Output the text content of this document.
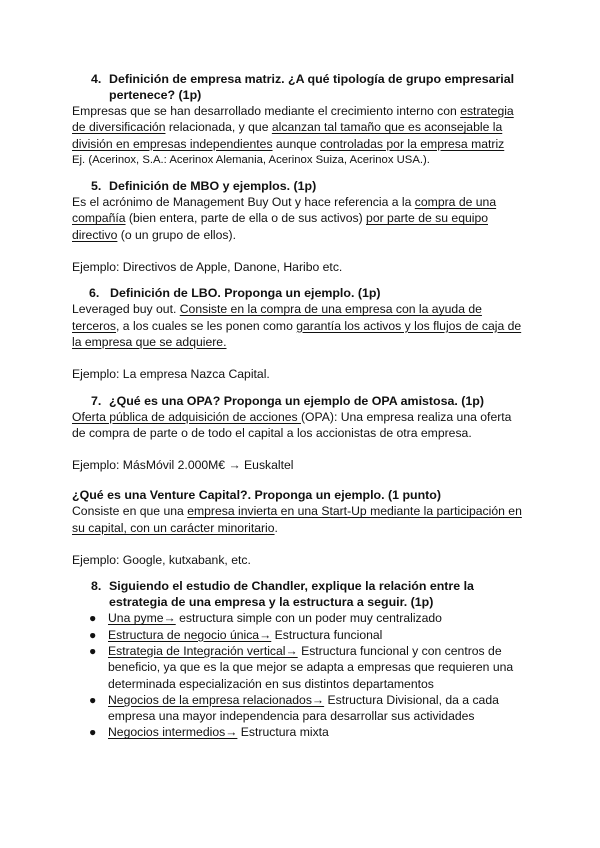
4. Definición de empresa matriz. ¿A qué tipología de grupo empresarial pertenece? (1p)

Empresas que se han desarrollado mediante el crecimiento interno con estrategia de diversificación relacionada, y que alcanzan tal tamaño que es aconsejable la división en empresas independientes aunque controladas por la empresa matriz

Ej. (Acerinox, S.A.: Acerinox Alemania, Acerinox Suiza, Acerinox USA.).

5. Definición de MBO y ejemplos. (1p)

Es el acrónimo de Management Buy Out y hace referencia a la compra de una compañía (bien entera, parte de ella o de sus activos) por parte de su equipo directivo (o un grupo de ellos).

Ejemplo: Directivos de Apple, Danone, Haribo etc.

6. Definición de LBO. Proponga un ejemplo. (1p)

Leveraged buy out. Consiste en la compra de una empresa con la ayuda de terceros, a los cuales se les ponen como garantía los activos y los flujos de caja de la empresa que se adquiere.

Ejemplo: La empresa Nazca Capital.

7. ¿Qué es una OPA? Proponga un ejemplo de OPA amistosa. (1p)

Oferta pública de adquisición de acciones (OPA): Una empresa realiza una oferta de compra de parte o de todo el capital a los accionistas de otra empresa.

Ejemplo: MásMóvil 2.000M€ → Euskaltel

¿Qué es una Venture Capital?. Proponga un ejemplo. (1 punto)

Consiste en que una empresa invierta en una Start-Up mediante la participación en su capital, con un carácter minoritario.

Ejemplo: Google, kutxabank, etc.

8. Siguiendo el estudio de Chandler, explique la relación entre la estrategia de una empresa y la estructura a seguir. (1p)

● Una pyme→ estructura simple con un poder muy centralizado
● Estructura de negocio única→ Estructura funcional
● Estrategia de Integración vertical→ Estructura funcional y con centros de beneficio, ya que es la que mejor se adapta a empresas que requieren una determinada especialización en sus distintos departamentos
● Negocios de la empresa relacionados→ Estructura Divisional, da a cada empresa una mayor independencia para desarrollar sus actividades
● Negocios intermedios→ Estructura mixta
